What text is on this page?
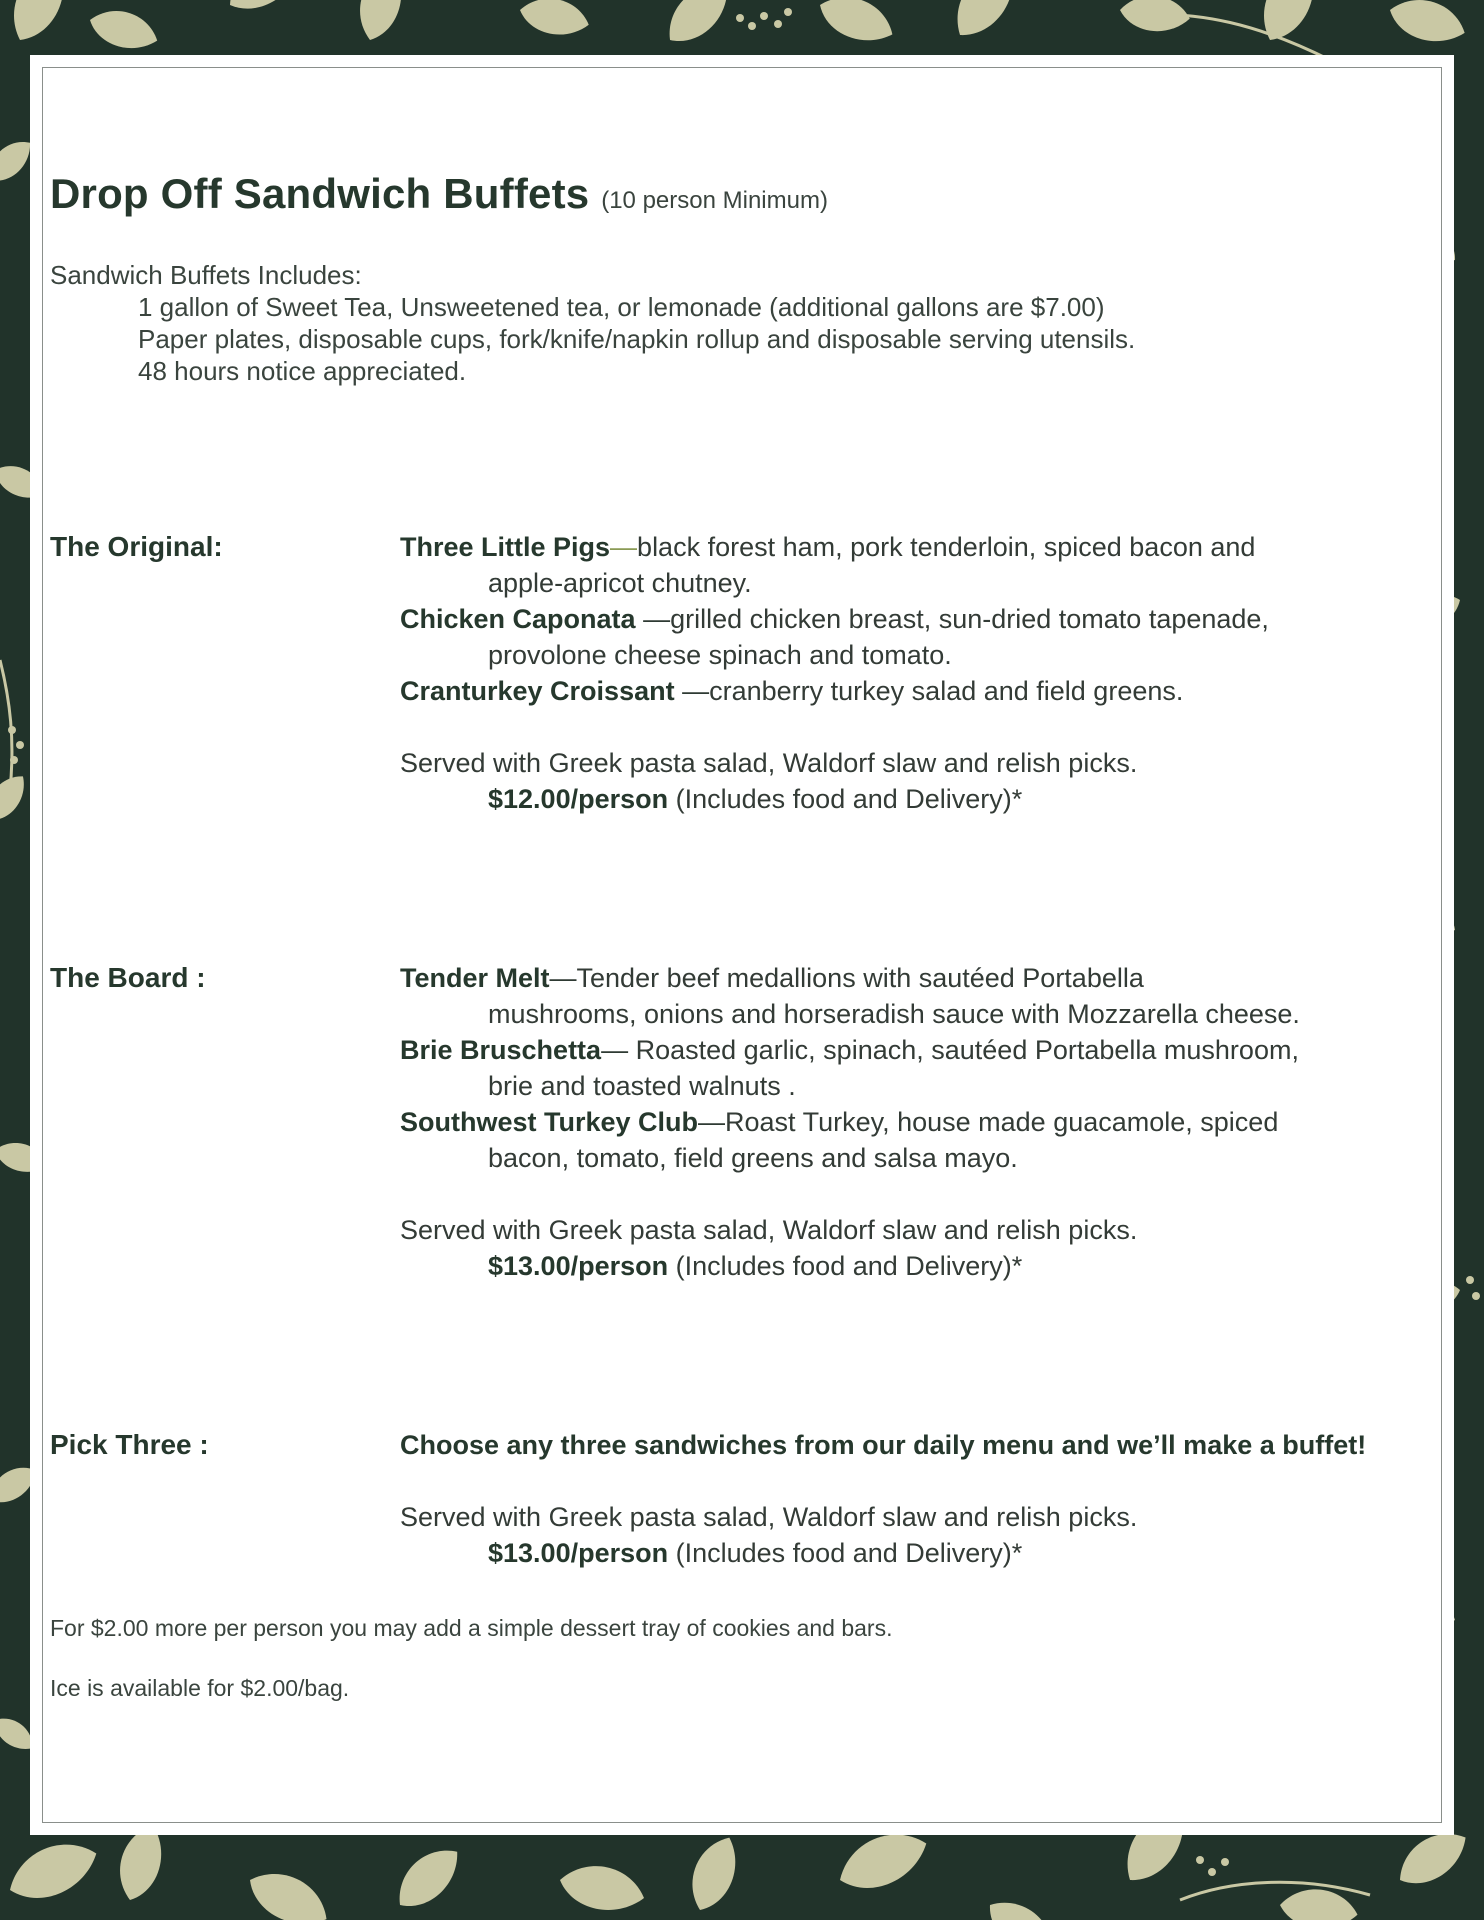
Drop Off Sandwich Buffets (10 person Minimum)
Sandwich Buffets Includes:
1 gallon of Sweet Tea, Unsweetened tea, or lemonade (additional gallons are $7.00)
Paper plates, disposable cups, fork/knife/napkin rollup and disposable serving utensils.
48 hours notice appreciated.
The Original:	Three Little Pigs—black forest ham, pork tenderloin, spiced bacon and
apple-apricot chutney.
Chicken Caponata —grilled chicken breast, sun-dried tomato tapenade,
provolone cheese spinach and tomato.
Cranturkey Croissant —cranberry turkey salad and field greens.
Served with Greek pasta salad, Waldorf slaw and relish picks.
$12.00/person (Includes food and Delivery)*
The Board :	Tender Melt—Tender beef medallions with sautéed Portabella
mushrooms, onions and horseradish sauce with Mozzarella cheese.
Brie Bruschetta— Roasted garlic, spinach, sautéed Portabella mushroom,
brie and toasted walnuts .
Southwest Turkey Club—Roast Turkey, house made guacamole, spiced
bacon, tomato, field greens and salsa mayo.
Served with Greek pasta salad, Waldorf slaw and relish picks.
$13.00/person (Includes food and Delivery)*
Pick Three :	Choose any three sandwiches from our daily menu and we’ll make a buffet!
Served with Greek pasta salad, Waldorf slaw and relish picks.
$13.00/person (Includes food and Delivery)*
For $2.00 more per person you may add a simple dessert tray of cookies and bars.
Ice is available for $2.00/bag.
